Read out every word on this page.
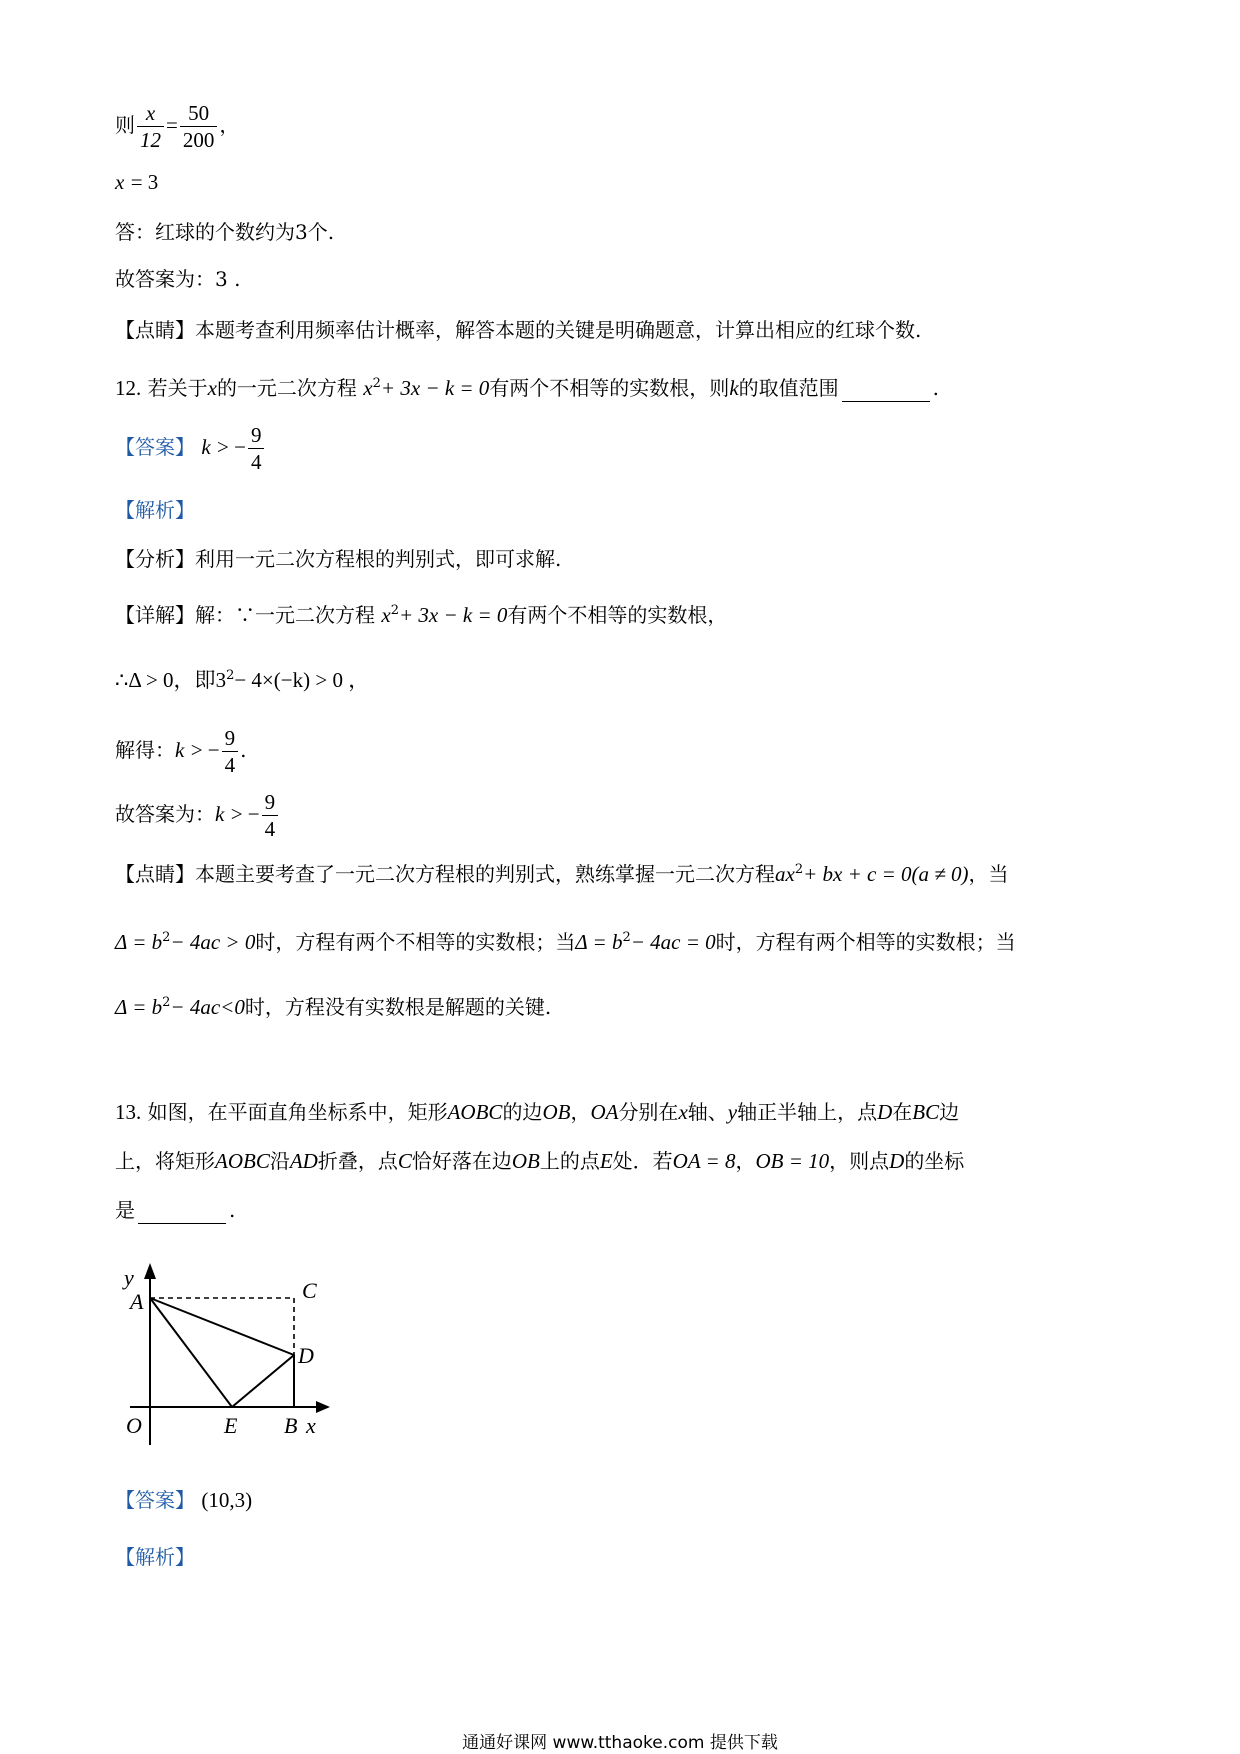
则 $\frac{x}{12} = \frac{50}{200}$ ，
x = 3
答：红球的个数约为3个.
故答案为：3 .
【点睛】本题考查利用频率估计概率，解答本题的关键是明确题意，计算出相应的红球个数.
12. 若关于x的一元二次方程 $x^2+ 3x - k = 0$有两个不相等的实数根，则k的取值范围	.
【答案】 k > − $\frac{9}{4}$
【解析】
【分析】利用一元二次方程根的判别式，即可求解.
【详解】解：∵一元二次方程 $x^2+ 3x - k = 0$有两个不相等的实数根，
∴Δ > 0，即$3^2- 4\times(-k) > 0$ ，
解得：k > − $\frac{9}{4}$ .
故答案为：k > − $\frac{9}{4}$
【点睛】本题主要考查了一元二次方程根的判别式，熟练掌握一元二次方程$ax^2+$ bx + c = 0(a ≠ 0)，当
$\Delta = b^2- 4ac > 0$时，方程有两个不相等的实数根；当$\Delta = b^2- 4ac = 0$时，方程有两个相等的实数根；当
$\Delta = b^2- 4ac<0$时，方程没有实数根是解题的关键.
13. 如图，在平面直角坐标系中，矩形AOBC的边OB，OA分别在x轴、y轴正半轴上，点D在BC边
上，将矩形AOBC沿AD折叠，点C恰好落在边OB上的点E处．若OA = 8，OB = 10，则点D的坐标
是	.
y
A	C
D
O	E B x
【答案】 (10,3)
【解析】
通通好课网 www.tthaoke.com 提供下载
